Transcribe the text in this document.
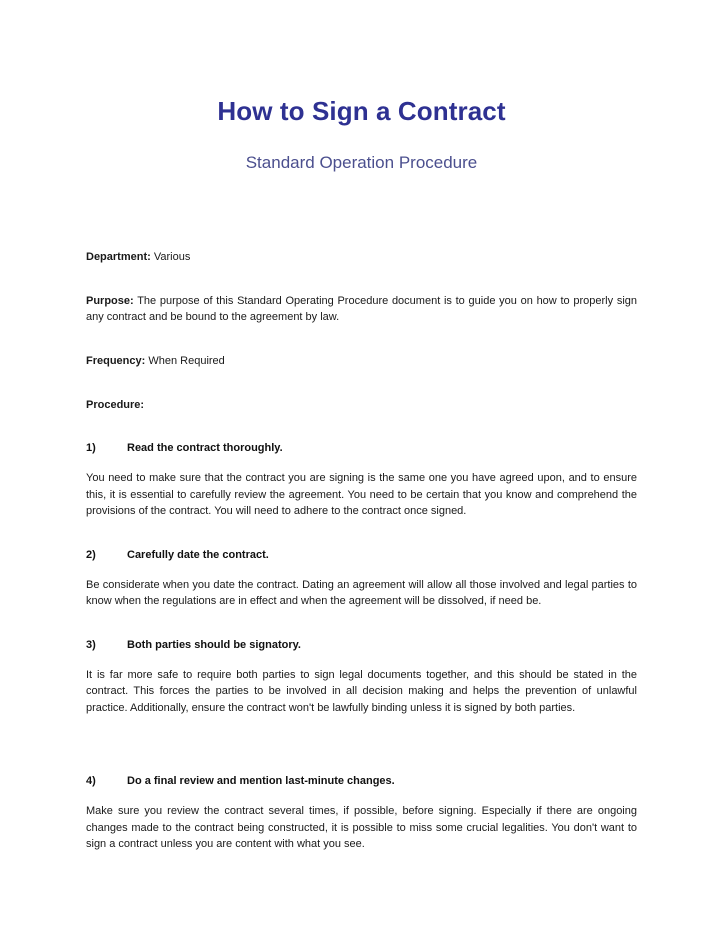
How to Sign a Contract
Standard Operation Procedure
Department: Various
Purpose: The purpose of this Standard Operating Procedure document is to guide you on how to properly sign any contract and be bound to the agreement by law.
Frequency: When Required
Procedure:
1)	Read the contract thoroughly.
You need to make sure that the contract you are signing is the same one you have agreed upon, and to ensure this, it is essential to carefully review the agreement. You need to be certain that you know and comprehend the provisions of the contract. You will need to adhere to the contract once signed.
2)	Carefully date the contract.
Be considerate when you date the contract. Dating an agreement will allow all those involved and legal parties to know when the regulations are in effect and when the agreement will be dissolved, if need be.
3)	Both parties should be signatory.
It is far more safe to require both parties to sign legal documents together, and this should be stated in the contract. This forces the parties to be involved in all decision making and helps the prevention of unlawful practice. Additionally, ensure the contract won't be lawfully binding unless it is signed by both parties.
4)	Do a final review and mention last-minute changes.
Make sure you review the contract several times, if possible, before signing. Especially if there are ongoing changes made to the contract being constructed, it is possible to miss some crucial legalities. You don't want to sign a contract unless you are content with what you see.
